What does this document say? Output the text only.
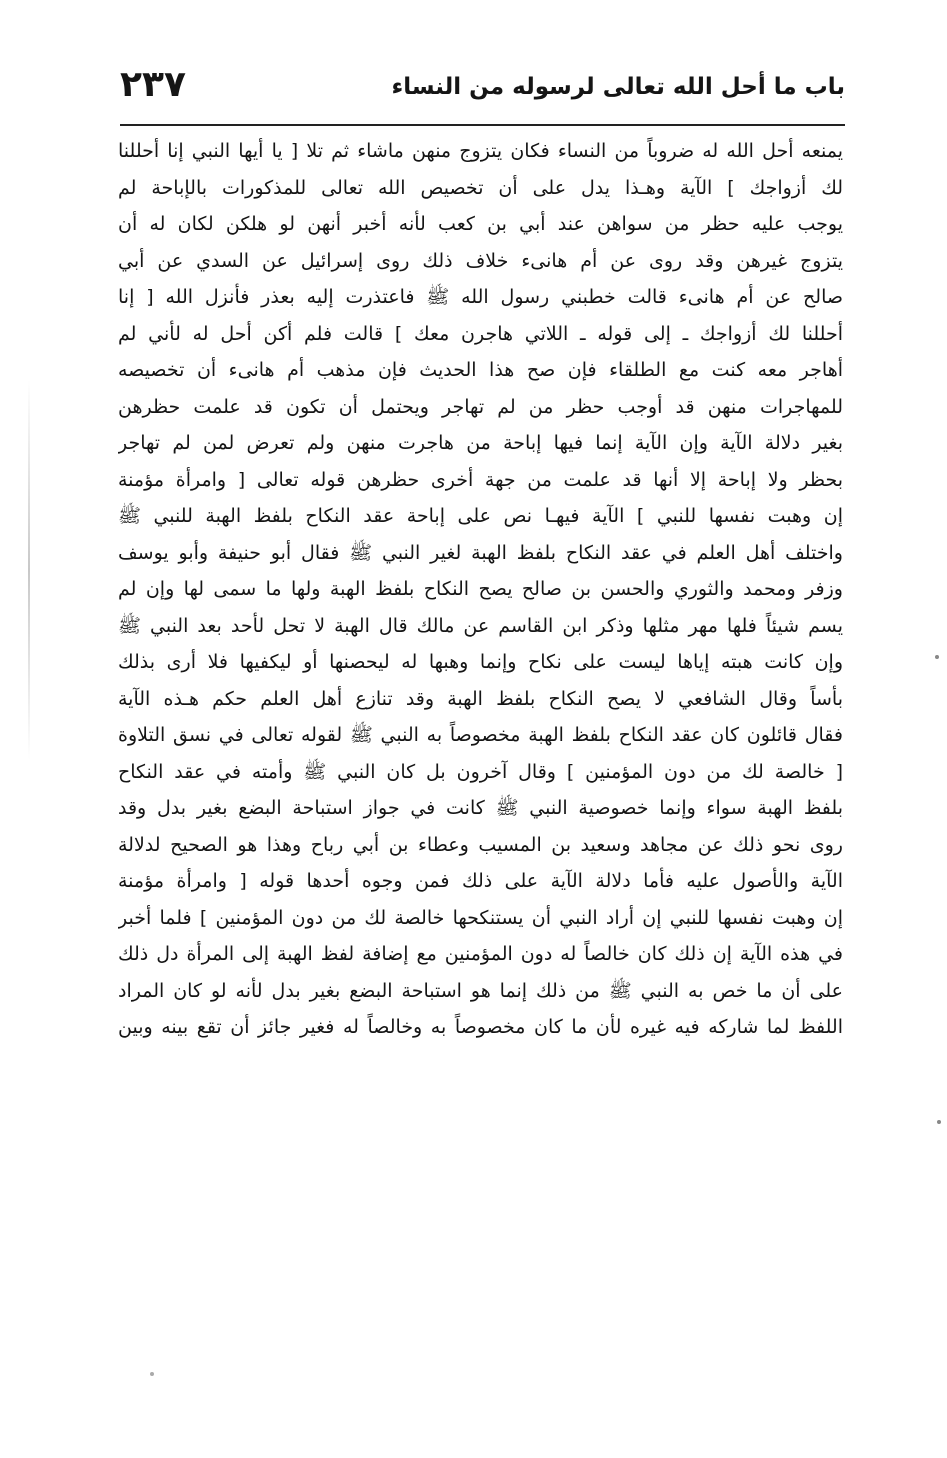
باب ما أحل الله تعالى لرسوله من النساء
٢٣٧
يمنعه أحل الله له ضروباً من النساء فكان يتزوج منهن ماشاء ثم تلا [ يا أيها النبي إنا أحللنا
لك أزواجك ] الآية وهـذا يدل على أن تخصيص الله تعالى للمذكورات بالإباحة لم
يوجب عليه حظر من سواهن عند أبي بن كعب لأنه أخبر أنهن لو هلكن لكان له أن
يتزوج غيرهن وقد روى عن أم هانىء خلاف ذلك روى إسرائيل عن السدي عن أبي
صالح عن أم هانىء قالت خطبني رسول الله ﷺ فاعتذرت إليه بعذر فأنزل الله [ إنا
أحللنا لك أزواجك ـ إلى قوله ـ اللاتي هاجرن معك ] قالت فلم أكن أحل له لأني لم
أهاجر معه كنت مع الطلقاء فإن صح هذا الحديث فإن مذهب أم هانىء أن تخصيصه
للمهاجرات منهن قد أوجب حظر من لم تهاجر ويحتمل أن تكون قد علمت حظرهن
بغير دلالة الآية وإن الآية إنما فيها إباحة من هاجرت منهن ولم تعرض لمن لم تهاجر
بحظر ولا إباحة إلا أنها قد علمت من جهة أخرى حظرهن قوله تعالى [ وامرأة مؤمنة
إن وهبت نفسها للنبي ] الآية فيهـا نص على إباحة عقد النكاح بلفظ الهبة للنبي ﷺ
واختلف أهل العلم في عقد النكاح بلفظ الهبة لغير النبي ﷺ فقال أبو حنيفة وأبو يوسف
وزفر ومحمد والثوري والحسن بن صالح يصح النكاح بلفظ الهبة ولها ما سمى لها وإن لم
يسم شيئاً فلها مهر مثلها وذكر ابن القاسم عن مالك قال الهبة لا تحل لأحد بعد النبي ﷺ
وإن كانت هبته إياها ليست على نكاح وإنما وهبها له ليحصنها أو ليكفيها فلا أرى بذلك
بأساً وقال الشافعي لا يصح النكاح بلفظ الهبة وقد تنازع أهل العلم حكم هـذه الآية
فقال قائلون كان عقد النكاح بلفظ الهبة مخصوصاً به النبي ﷺ لقوله تعالى في نسق التلاوة
[ خالصة لك من دون المؤمنين ] وقال آخرون بل كان النبي ﷺ وأمته في عقد النكاح
بلفظ الهبة سواء وإنما خصوصية النبي ﷺ كانت في جواز استباحة البضع بغير بدل وقد
روى نحو ذلك عن مجاهد وسعيد بن المسيب وعطاء بن أبي رباح وهذا هو الصحيح لدلالة
الآية والأصول عليه فأما دلالة الآية على ذلك فمن وجوه أحدها قوله [ وامرأة مؤمنة
إن وهبت نفسها للنبي إن أراد النبي أن يستنكحها خالصة لك من دون المؤمنين ] فلما أخبر
في هذه الآية إن ذلك كان خالصاً له دون المؤمنين مع إضافة لفظ الهبة إلى المرأة دل ذلك
على أن ما خص به النبي ﷺ من ذلك إنما هو استباحة البضع بغير بدل لأنه لو كان المراد
اللفظ لما شاركه فيه غيره لأن ما كان مخصوصاً به وخالصاً له فغير جائز أن تقع بينه وبين
